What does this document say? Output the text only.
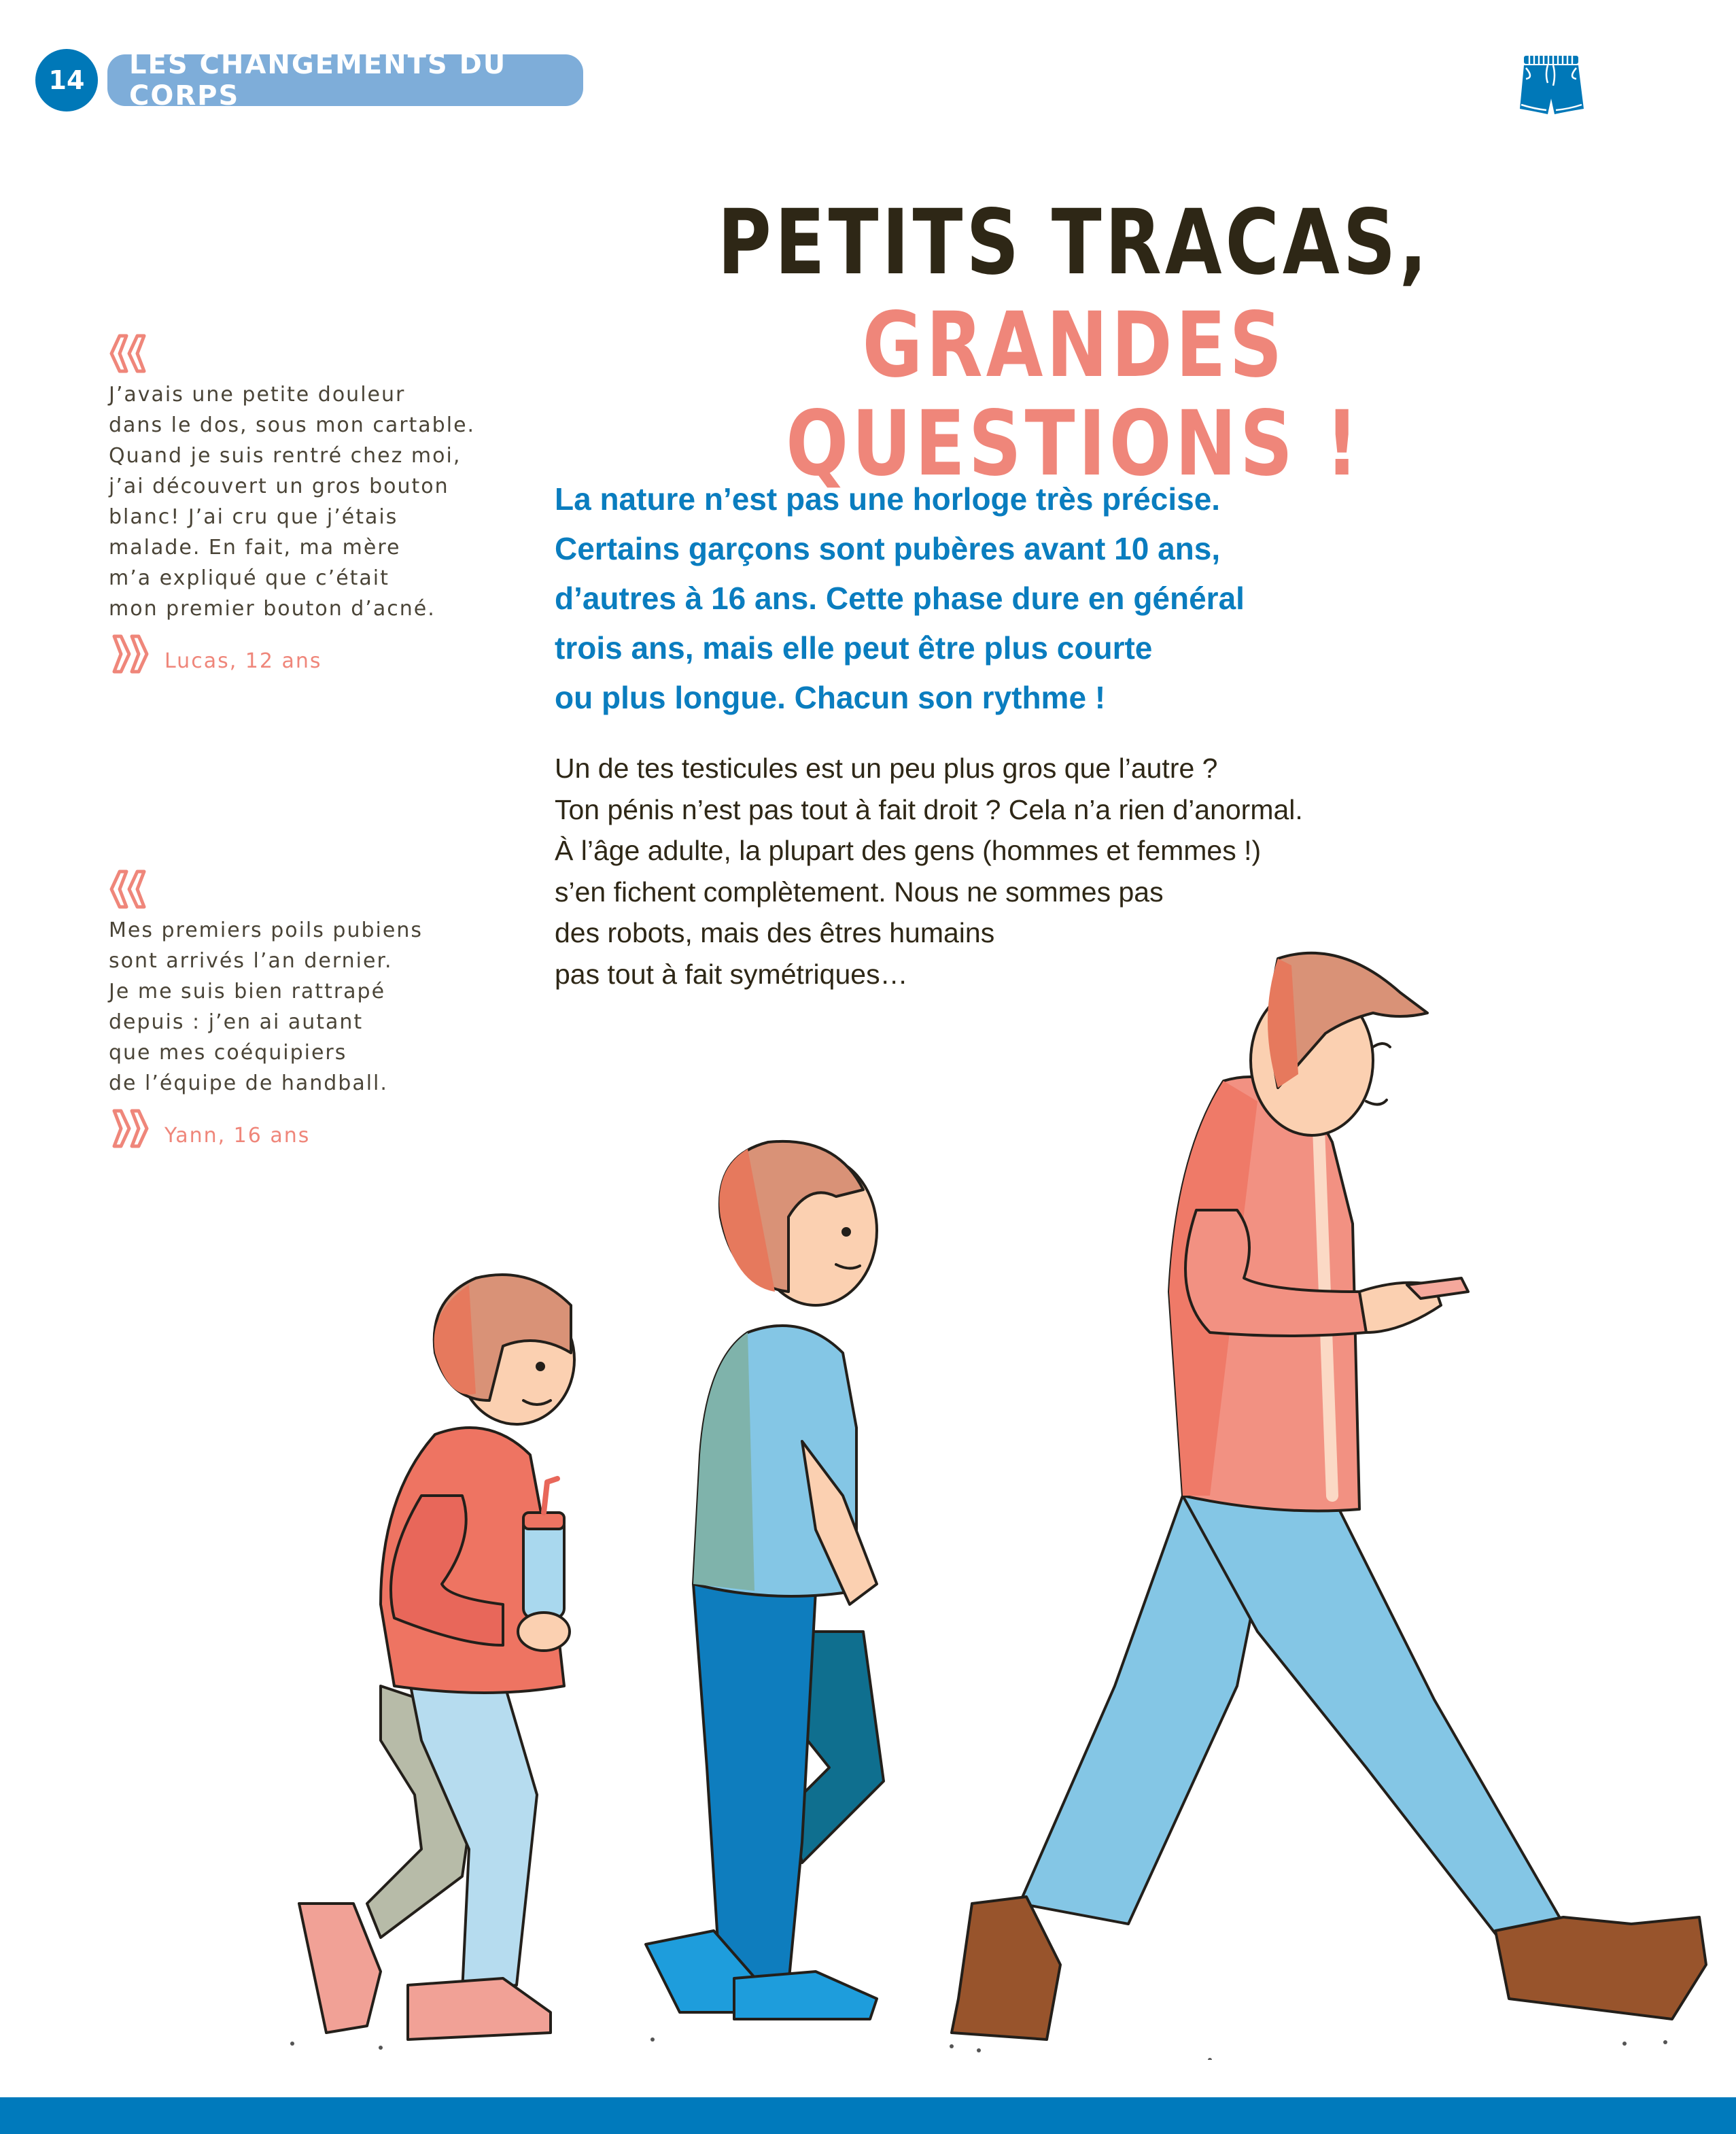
14	LES CHANGEMENTS DU CORPS
PETITS TRACAS,
GRANDES QUESTIONS !
La nature n’est pas une horloge très précise.
Certains garçons sont pubères avant 10 ans,
d’autres à 16 ans. Cette phase dure en général
trois ans, mais elle peut être plus courte
ou plus longue. Chacun son rythme !
Un de tes testicules est un peu plus gros que l’autre ?
Ton pénis n’est pas tout à fait droit ? Cela n’a rien d’anormal.
À l’âge adulte, la plupart des gens (hommes et femmes !)
s’en fichent complètement. Nous ne sommes pas
des robots, mais des êtres humains
pas tout à fait symétriques…
J’avais une petite douleur
dans le dos, sous mon cartable.
Quand je suis rentré chez moi,
j’ai découvert un gros bouton
blanc! J’ai cru que j’étais
malade. En fait, ma mère
m’a expliqué que c’était
mon premier bouton d’acné.
Lucas, 12 ans
Mes premiers poils pubiens
sont arrivés l’an dernier.
Je me suis bien rattrapé
depuis : j’en ai autant
que mes coéquipiers
de l’équipe de handball.
Yann, 16 ans
